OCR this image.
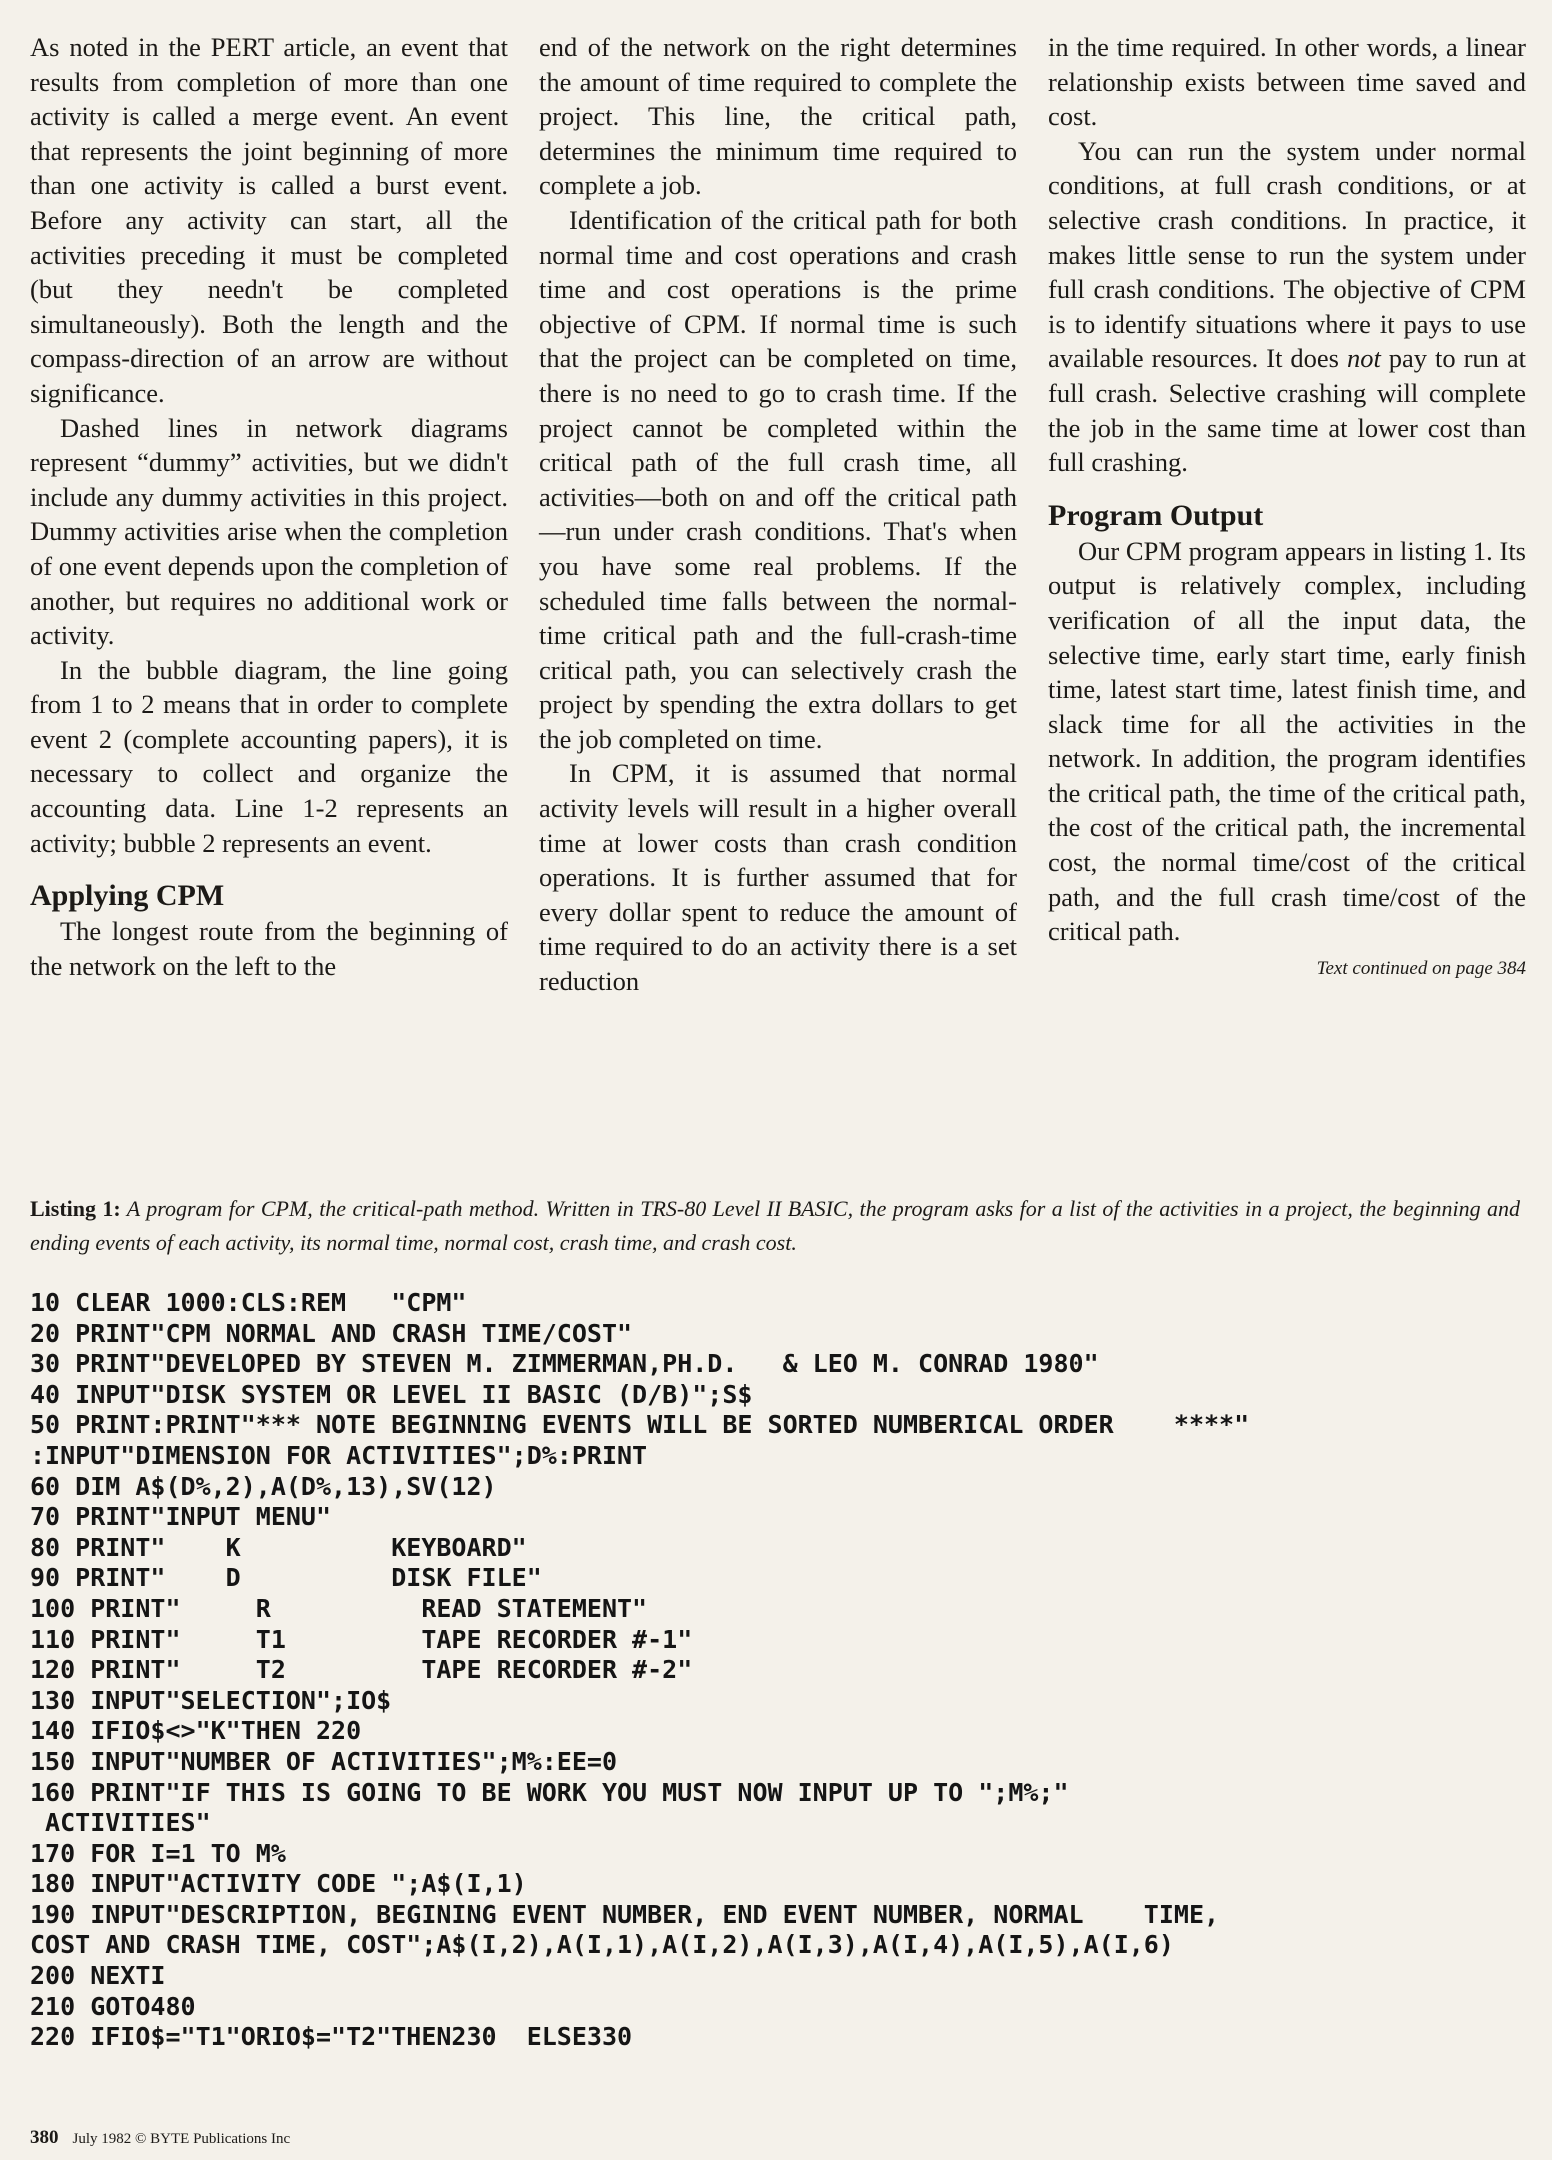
As noted in the PERT article, an event that results from completion of more than one activity is called a merge event. An event that represents the joint beginning of more than one activity is called a burst event. Before any activity can start, all the activities preceding it must be completed (but they needn't be completed simultaneously). Both the length and the compass-direction of an arrow are without significance.

Dashed lines in network diagrams represent “dummy” activities, but we didn't include any dummy activities in this project. Dummy activities arise when the completion of one event depends upon the completion of another, but requires no additional work or activity.

In the bubble diagram, the line going from 1 to 2 means that in order to complete event 2 (complete accounting papers), it is necessary to collect and organize the accounting data. Line 1-2 represents an activity; bubble 2 represents an event.

Applying CPM

The longest route from the beginning of the network on the left to the

end of the network on the right determines the amount of time required to complete the project. This line, the critical path, determines the minimum time required to complete a job.

Identification of the critical path for both normal time and cost operations and crash time and cost operations is the prime objective of CPM. If normal time is such that the project can be completed on time, there is no need to go to crash time. If the project cannot be completed within the critical path of the full crash time, all activities—both on and off the critical path—run under crash conditions. That's when you have some real problems. If the scheduled time falls between the normal-time critical path and the full-crash-time critical path, you can selectively crash the project by spending the extra dollars to get the job completed on time.

In CPM, it is assumed that normal activity levels will result in a higher overall time at lower costs than crash condition operations. It is further assumed that for every dollar spent to reduce the amount of time required to do an activity there is a set reduction

in the time required. In other words, a linear relationship exists between time saved and cost.

You can run the system under normal conditions, at full crash conditions, or at selective crash conditions. In practice, it makes little sense to run the system under full crash conditions. The objective of CPM is to identify situations where it pays to use available resources. It does not pay to run at full crash. Selective crashing will complete the job in the same time at lower cost than full crashing.

Program Output

Our CPM program appears in listing 1. Its output is relatively complex, including verification of all the input data, the selective time, early start time, early finish time, latest start time, latest finish time, and slack time for all the activities in the network. In addition, the program identifies the critical path, the time of the critical path, the cost of the critical path, the incremental cost, the normal time/cost of the critical path, and the full crash time/cost of the critical path.

Text continued on page 384
Listing 1: A program for CPM, the critical-path method. Written in TRS-80 Level II BASIC, the program asks for a list of the activities in a project, the beginning and ending events of each activity, its normal time, normal cost, crash time, and crash cost.
10 CLEAR 1000:CLS:REM   "CPM"
20 PRINT"CPM NORMAL AND CRASH TIME/COST"
30 PRINT"DEVELOPED BY STEVEN M. ZIMMERMAN,PH.D.   & LEO M. CONRAD 1980"
40 INPUT"DISK SYSTEM OR LEVEL II BASIC (D/B)";S$
50 PRINT:PRINT"*** NOTE BEGINNING EVENTS WILL BE SORTED NUMBERICAL ORDER    ****"
:INPUT"DIMENSION FOR ACTIVITIES";D%:PRINT
60 DIM A$(D%,2),A(D%,13),SV(12)
70 PRINT"INPUT MENU"
80 PRINT"    K          KEYBOARD"
90 PRINT"    D          DISK FILE"
100 PRINT"     R          READ STATEMENT"
110 PRINT"     T1         TAPE RECORDER #-1"
120 PRINT"     T2         TAPE RECORDER #-2"
130 INPUT"SELECTION";IO$
140 IFIO$<>"K"THEN 220
150 INPUT"NUMBER OF ACTIVITIES";M%:EE=0
160 PRINT"IF THIS IS GOING TO BE WORK YOU MUST NOW INPUT UP TO ";M%;"
ACTIVITIES"
170 FOR I=1 TO M%
180 INPUT"ACTIVITY CODE ";A$(I,1)
190 INPUT"DESCRIPTION, BEGINING EVENT NUMBER, END EVENT NUMBER, NORMAL    TIME,
COST AND CRASH TIME, COST";A$(I,2),A(I,1),A(I,2),A(I,3),A(I,4),A(I,5),A(I,6)
200 NEXTI
210 GOTO480
220 IFIO$="T1"ORIO$="T2"THEN230  ELSE330
380 July 1982 © BYTE Publications Inc
